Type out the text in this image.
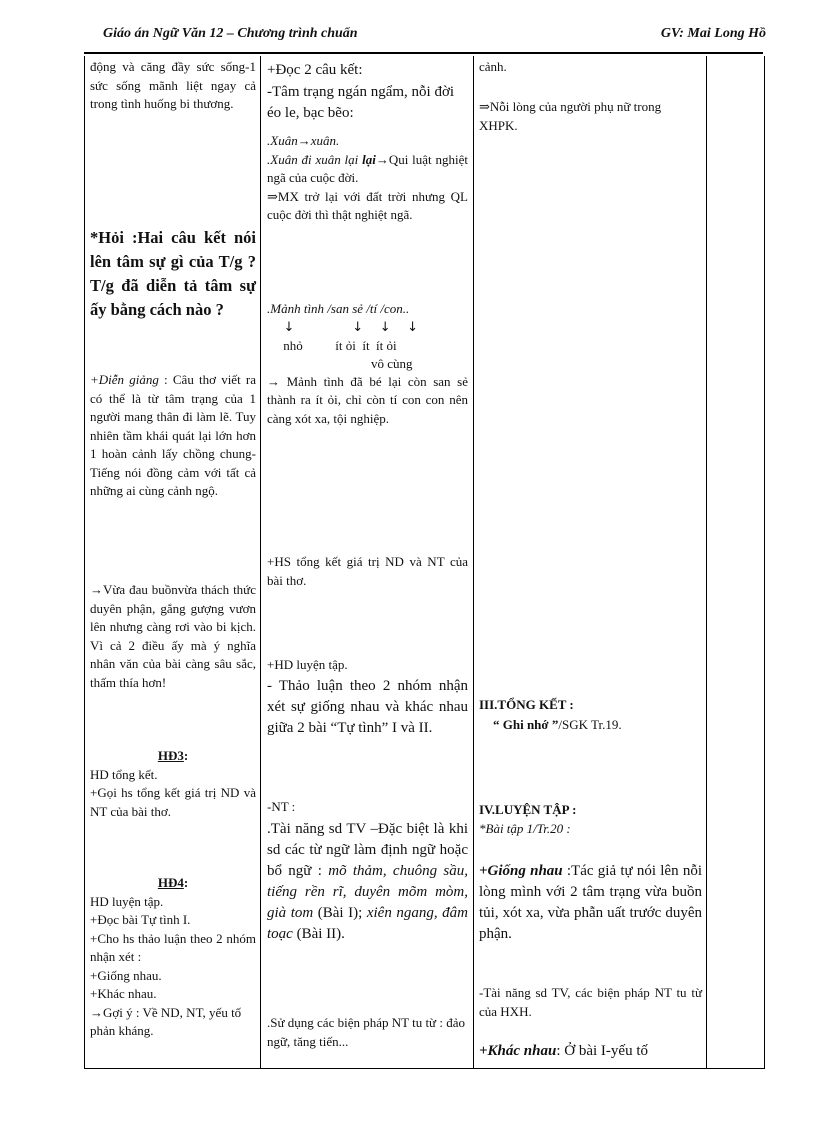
Giáo án Ngữ Văn 12 – Chương trình chuẩn	GV: Mai Long Hồ
động và căng đầy sức sống-1 sức sống mãnh liệt ngay cả trong tình huống bi thương.
*Hỏi :Hai câu kết nói lên tâm sự gì của T/g ?T/g đã diễn tả tâm sự ấy bằng cách nào ?
+Diễn giảng : Câu thơ viết ra có thể là từ tâm trạng của 1 người mang thân đi làm lẽ. Tuy nhiên tầm khái quát lại lớn hơn 1 hoàn cảnh lấy chồng chung- Tiếng nói đồng cảm với tất cả những ai cùng cảnh ngộ.
→Vừa đau buồnvừa thách thức duyên phận, gắng gượng vươn lên nhưng càng rơi vào bi kịch. Vì cả 2 điều ấy mà ý nghĩa nhân văn của bài càng sâu sắc, thấm thía hơn!

HĐ3:

HD tổng kết.

+Gọi hs tổng kết giá trị ND và NT của bài thơ.

HĐ4:

HD luyện tập.

+Đọc bài Tự tình I.

+Cho hs thảo luận theo 2 nhóm nhận xét :

+Giống nhau.

+Khác nhau.

→Gợi ý : Về ND, NT, yếu tố phản kháng.

+Đọc 2 câu kết:
-Tâm trạng ngán ngẩm, nỗi đời éo le, bạc bẽo:

.Xuân→xuân.

.Xuân đi xuân lại lại→Qui luật nghiệt ngã của cuộc đời.

⇒MX trở lại với đất trời nhưng QL cuộc đời thì thật nghiệt ngã.

.Mảnh tình /san sẻ /tí /con..

↓              ↓    ↓    ↓
nhỏ          ít ỏi  ít  ít ỏi
vô cùng

→ Mảnh tình đã bé lại còn san sẻ thành ra ít ỏi, chỉ còn tí con con nên càng xót xa, tội nghiệp.

+HS tổng kết giá trị ND và NT của bài thơ.
+HD luyện tập.
- Thảo luận theo 2 nhóm nhận xét sự giống nhau và khác nhau giữa 2 bài “Tự tình” I và II.
-NT :
.Tài năng sd TV –Đặc biệt là khi sd các từ ngữ làm định ngữ hoặc bổ ngữ : mõ thảm, chuông sầu, tiếng rền rĩ, duyên mõm mòm, già tom (Bài I); xiên ngang, đâm toạc (Bài II).
.Sử dụng các biện pháp NT tu từ : đảo ngữ, tăng tiến...
cảnh.
⇒Nỗi lòng của người phụ nữ trong XHPK.
III.TỔNG KẾT :
“ Ghi nhớ ”/SGK Tr.19.
IV.LUYỆN TẬP :
*Bài tập 1/Tr.20 :
+Giống nhau :Tác giả tự nói lên nỗi lòng mình với 2 tâm trạng vừa buồn tủi, xót xa, vừa phẫn uất trước duyên phận.
-Tài năng sd TV, các biện pháp NT tu từ của HXH.
+Khác nhau: Ở bài I-yếu tố
